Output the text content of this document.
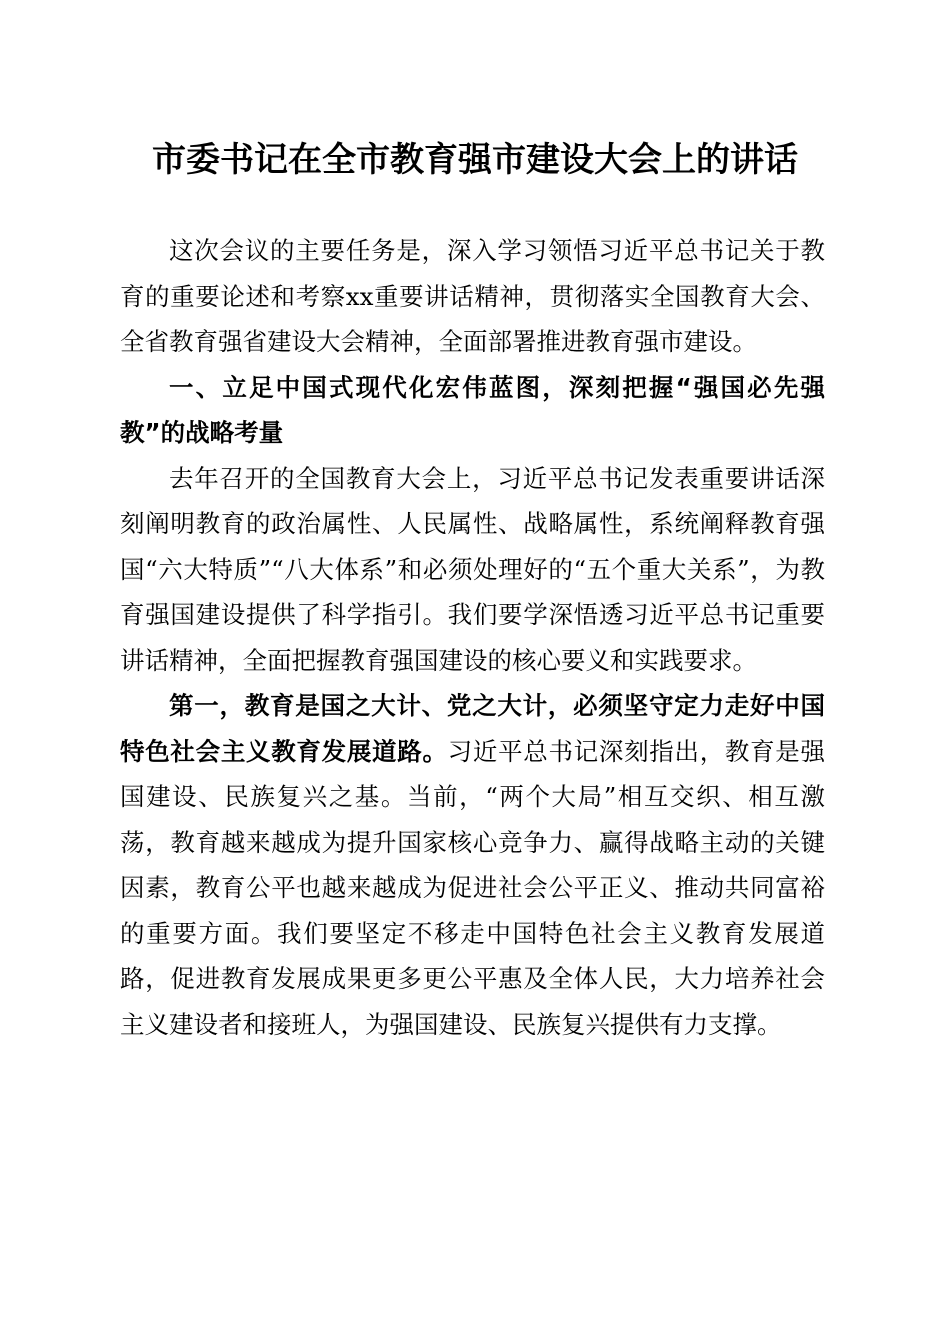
市委书记在全市教育强市建设大会上的讲话

这次会议的主要任务是，深入学习领悟习近平总书记关于教育的重要论述和考察xx重要讲话精神，贯彻落实全国教育大会、全省教育强省建设大会精神，全面部署推进教育强市建设。

一、立足中国式现代化宏伟蓝图，深刻把握“强国必先强教”的战略考量

去年召开的全国教育大会上，习近平总书记发表重要讲话深刻阐明教育的政治属性、人民属性、战略属性，系统阐释教育强国“六大特质”“八大体系”和必须处理好的“五个重大关系”，为教育强国建设提供了科学指引。我们要学深悟透习近平总书记重要讲话精神，全面把握教育强国建设的核心要义和实践要求。

第一，教育是国之大计、党之大计，必须坚守定力走好中国特色社会主义教育发展道路。习近平总书记深刻指出，教育是强国建设、民族复兴之基。当前，“两个大局”相互交织、相互激荡，教育越来越成为提升国家核心竞争力、赢得战略主动的关键因素，教育公平也越来越成为促进社会公平正义、推动共同富裕的重要方面。我们要坚定不移走中国特色社会主义教育发展道路，促进教育发展成果更多更公平惠及全体人民，大力培养社会主义建设者和接班人，为强国建设、民族复兴提供有力支撑。
